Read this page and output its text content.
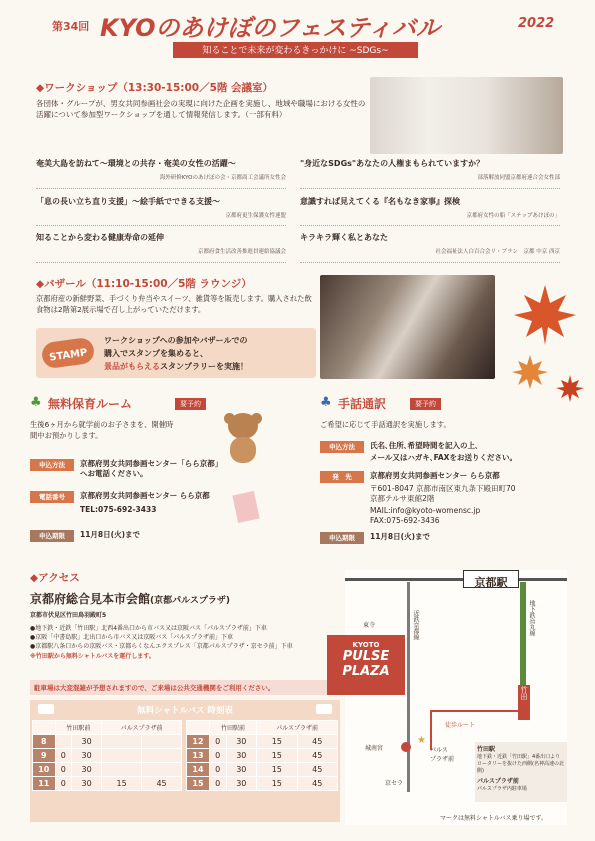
第34回 KYOのあけぼのフェスティバル	2022
知ることで未来が変わるきっかけに ~SDGs~
◆ワークショップ（13:30-15:00／5階 会議室）
各団体・グループが、男女共同参画社会の実現に向けた企画を実施し、地域や職場における女性の活躍について参加型ワークショップを通して情報発信します。（一部有料）
奄美大島を訪ねて～環境との共存・奄美の女性の活躍～
海外研修KYOのあけぼの会・京都商工会議所女性会
"身近なSDGs"あなたの人権まもられていますか？
部落解放同盟京都府連合会女性部
「息の長い立ち直り支援」～絵手紙でできる支援～
京都府更生保護女性連盟
意識すれば見えてくる『名もなき家事』探検
京都府女性の船「ステップあけぼの」
知ることから変わる健康寿命の延伸
京都府食生活改善推進員連絡協議会
キラキラ輝く私とあなた
社会福祉法人白百合会リ・ブラン　京都 中京 西京
◆バザール（11:10-15:00／5階 ラウンジ）
京都府産の新鮮野菜、手づくり弁当やスイーツ、雑貨等を販売します。購入された飲食物は2階第2展示場で召し上がっていただけます。
STAMP
ワークショップへの参加やバザールでの
購入でスタンプを集めると、
景品がもらえるスタンプラリーを実施！
♣ 無料保育ルーム	要予約
生後6ヶ月から就学前のお子さまを、開催時間中お預かりします。
申込方法	京都府男女共同参画センター「らら京都」へお電話ください。
電話番号	京都府男女共同参画センター らら京都
TEL:075-692-3433
申込期限	11月8日(火)まで
♣ 手話通訳	要予約
ご希望に応じて手話通訳を実施します。
申込方法	氏名､住所､希望時間を記入の上､
メール又はハガキ､FAXをお送りください。
発　先	京都府男女共同参画センター らら京都
〒601-8047 京都市南区東九条下殿田町70
京都テルサ東館2階
MAIL:info@kyoto-womensc.jp
FAX:075-692-3436
申込期限	11月8日(火)まで
◆アクセス
京都府総合見本市会館(京都パルスプラザ)
京都市伏見区竹田鳥羽殿町5
●地下鉄・近鉄「竹田駅」北西4番出口から市バス又は京阪バス「パルスプラザ前」下車
●京阪「中書島駅」北出口から市バス又は京阪バス「パルスプラザ前」下車
●京都駅八条口からの京阪バス・京都らくなんエクスプレス「京都パルスプラザ・京セラ前」下車
※竹田駅から無料シャトルバスを運行します。
駐車場は大変混雑が予想されますので、ご来場は公共交通機関をご利用ください。
無料シャトルバス 時刻表
	竹田駅前		パルスプラザ前	
8		30		
9	0	30		
10	0	30		
11	0	30	15	45
	竹田駅前		パルスプラザ前	
12	0	30	15	45
13	0	30	15	45
14	0	30	15	45
15	0	30	15	45
京都駅
近鉄京都線	地下鉄烏丸線
東寺
KYOTO
PULSE
PLAZA
竹田
徒歩ルート
城南宮
★
パルス
プラザ前
京セラ
竹田駅
地下鉄・近鉄「竹田駅」4番出口よりロータリーを抜けた西側(名神高速の北側)
パルスプラザ前
パルスプラザ内駐車場
マークは無料シャトルバス乗り場です。
